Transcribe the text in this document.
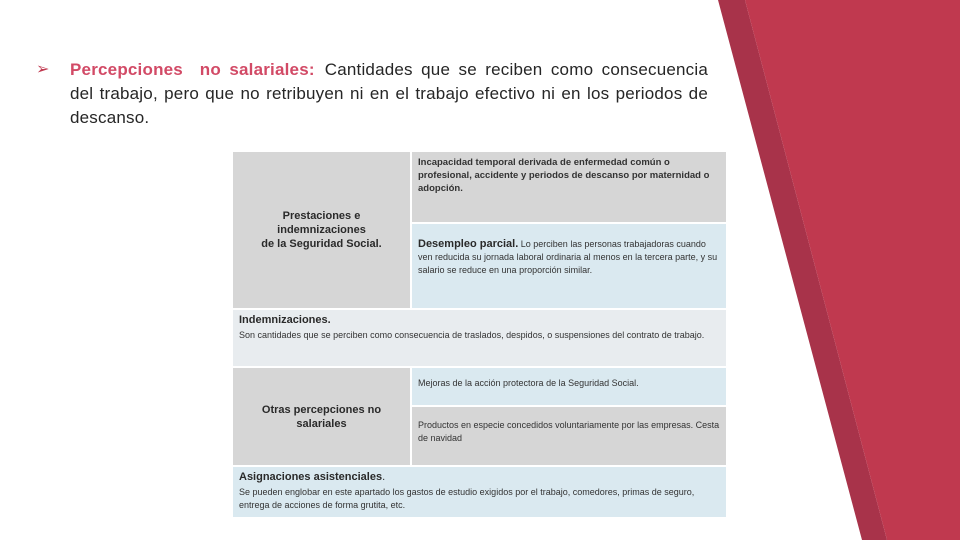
➢ Percepciones  no salariales: Cantidades que se reciben como consecuencia del trabajo, pero que no retribuyen ni en el trabajo efectivo ni en los periodos de descanso.
Prestaciones e
indemnizaciones
de la Seguridad Social.	Incapacidad temporal derivada de enfermedad común o profesional, accidente y periodos de descanso por maternidad o adopción.
	Desempleo parcial. Lo perciben las personas trabajadoras cuando ven reducida su jornada laboral ordinaria al menos en la tercera parte, y su salario se reduce en una proporción similar.

Indemnizaciones.
Son cantidades que se perciben como consecuencia de traslados, despidos, o suspensiones del contrato de trabajo.	
Otras percepciones no
salariales	Mejoras de la acción protectora de la Seguridad Social.
	Productos en especie concedidos voluntariamente por las empresas. Cesta de navidad

Asignaciones asistenciales.
Se pueden englobar en este apartado los gastos de estudio exigidos por el trabajo, comedores, primas de seguro, entrega de acciones de forma grutita, etc.	
